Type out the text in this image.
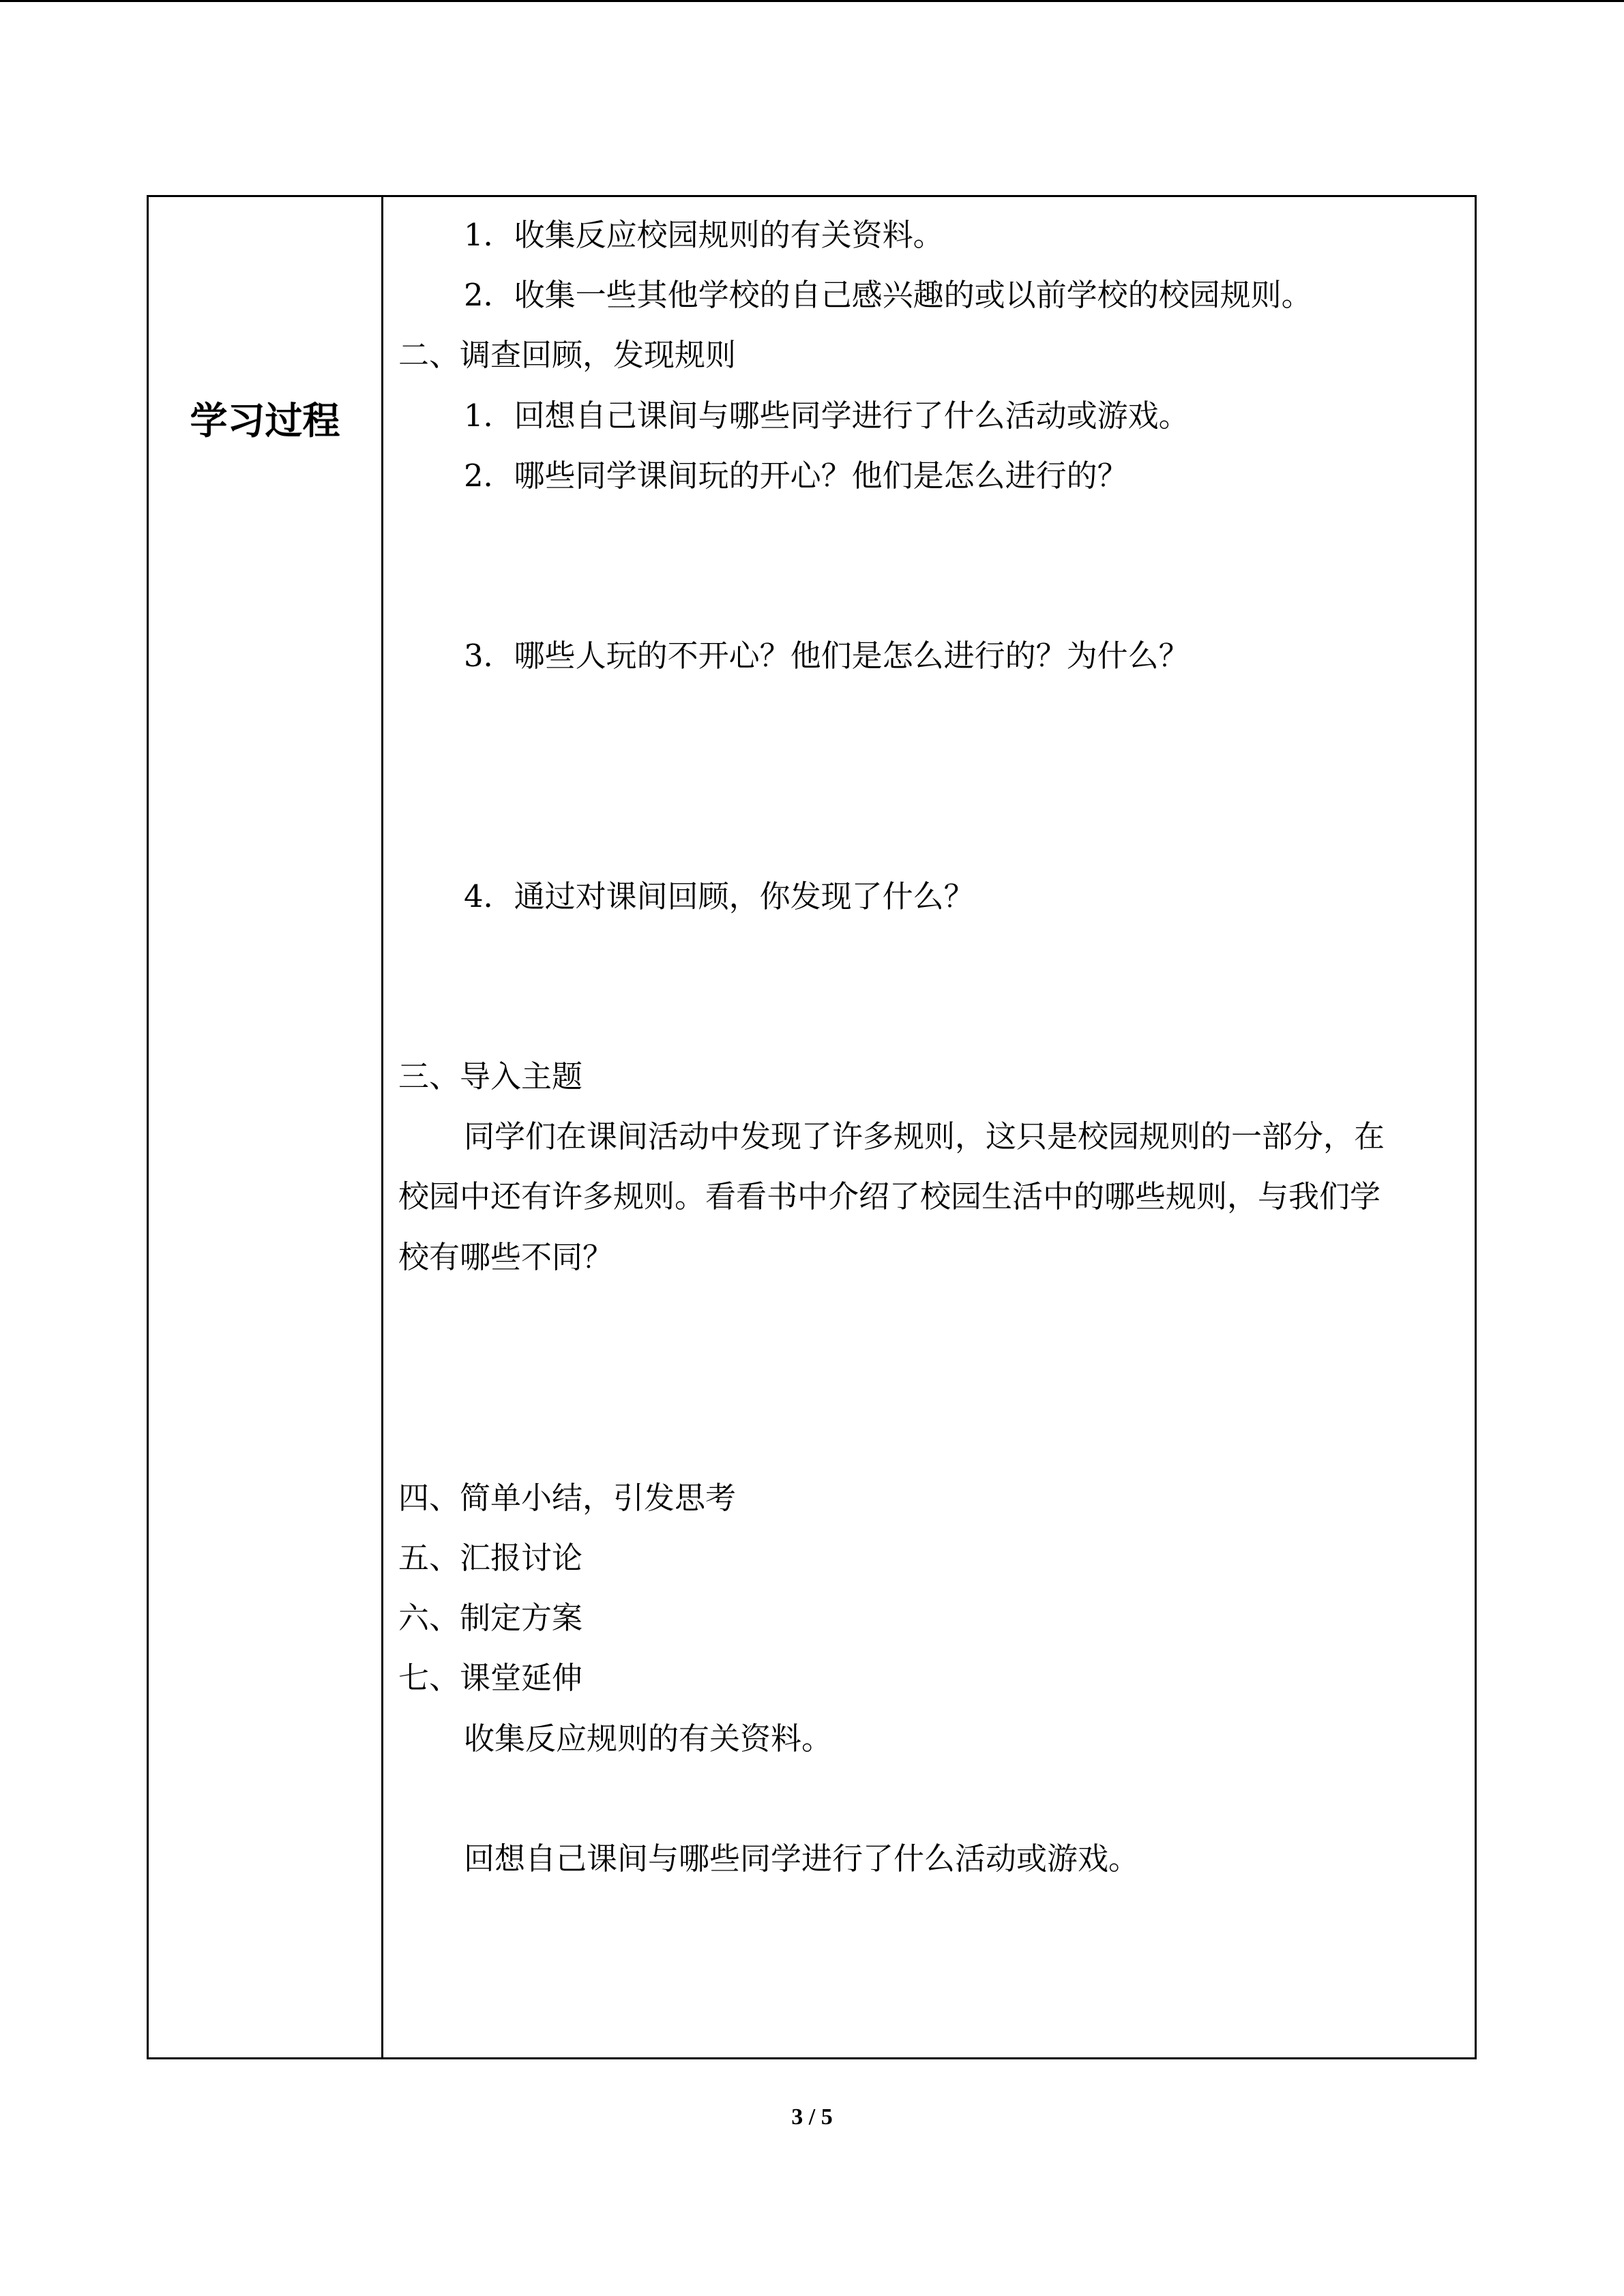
学习过程
1．收集反应校园规则的有关资料。
2．收集一些其他学校的自己感兴趣的或以前学校的校园规则。
二、调查回顾，发现规则
1．回想自己课间与哪些同学进行了什么活动或游戏。
2．哪些同学课间玩的开心？他们是怎么进行的？
3．哪些人玩的不开心？他们是怎么进行的？为什么？
4．通过对课间回顾，你发现了什么？
三、导入主题
同学们在课间活动中发现了许多规则，这只是校园规则的一部分，在
校园中还有许多规则。看看书中介绍了校园生活中的哪些规则，与我们学
校有哪些不同？
四、简单小结，引发思考
五、汇报讨论
六、制定方案
七、课堂延伸
收集反应规则的有关资料。
回想自己课间与哪些同学进行了什么活动或游戏。
3 / 5
